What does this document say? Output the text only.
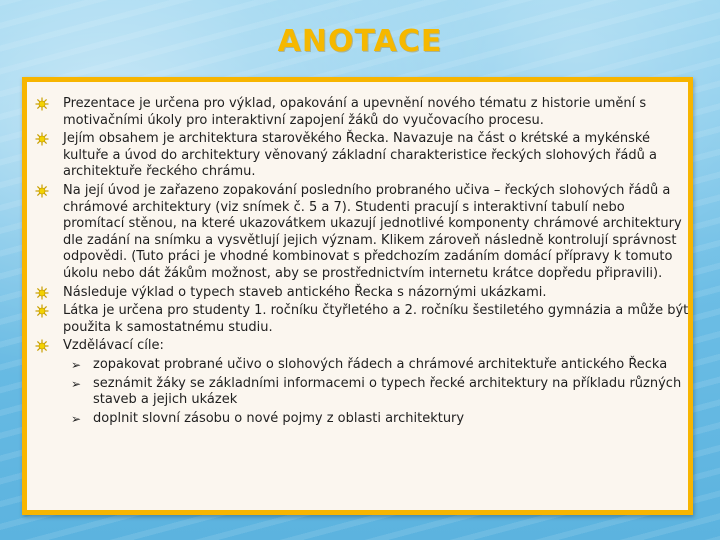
ANOTACE
Prezentace je určena pro výklad, opakování a upevnění nového tématu z historie umění s motivačními úkoly pro interaktivní zapojení žáků do vyučovacího procesu.
Jejím obsahem je architektura starověkého Řecka. Navazuje na část o krétské a mykénské kultuře a úvod do architektury věnovaný základní charakteristice řeckých slohových řádů a architektuře řeckého chrámu.
Na její úvod je zařazeno zopakování posledního probraného učiva – řeckých slohových řádů a chrámové architektury (viz snímek č. 5 a 7). Studenti pracují s interaktivní tabulí nebo promítací stěnou, na které ukazovátkem ukazují jednotlivé komponenty chrámové architektury dle zadání na snímku a vysvětlují jejich význam. Klikem zároveň následně kontrolují správnost odpovědi. (Tuto práci je vhodné kombinovat s předchozím zadáním domácí přípravy k tomuto úkolu nebo dát žákům možnost, aby se prostřednictvím internetu krátce dopředu připravili).
Následuje výklad o typech staveb antického Řecka s názornými ukázkami.
Látka je určena pro studenty 1. ročníku čtyřletého a 2. ročníku šestiletého gymnázia a může být použita k samostatnému studiu.
Vzdělávací cíle:
➢ zopakovat probrané učivo o slohových řádech a chrámové architektuře antického Řecka
➢ seznámit žáky se základními informacemi o typech řecké architektury na příkladu různých staveb a jejich ukázek
➢ doplnit slovní zásobu o nové pojmy z oblasti architektury
